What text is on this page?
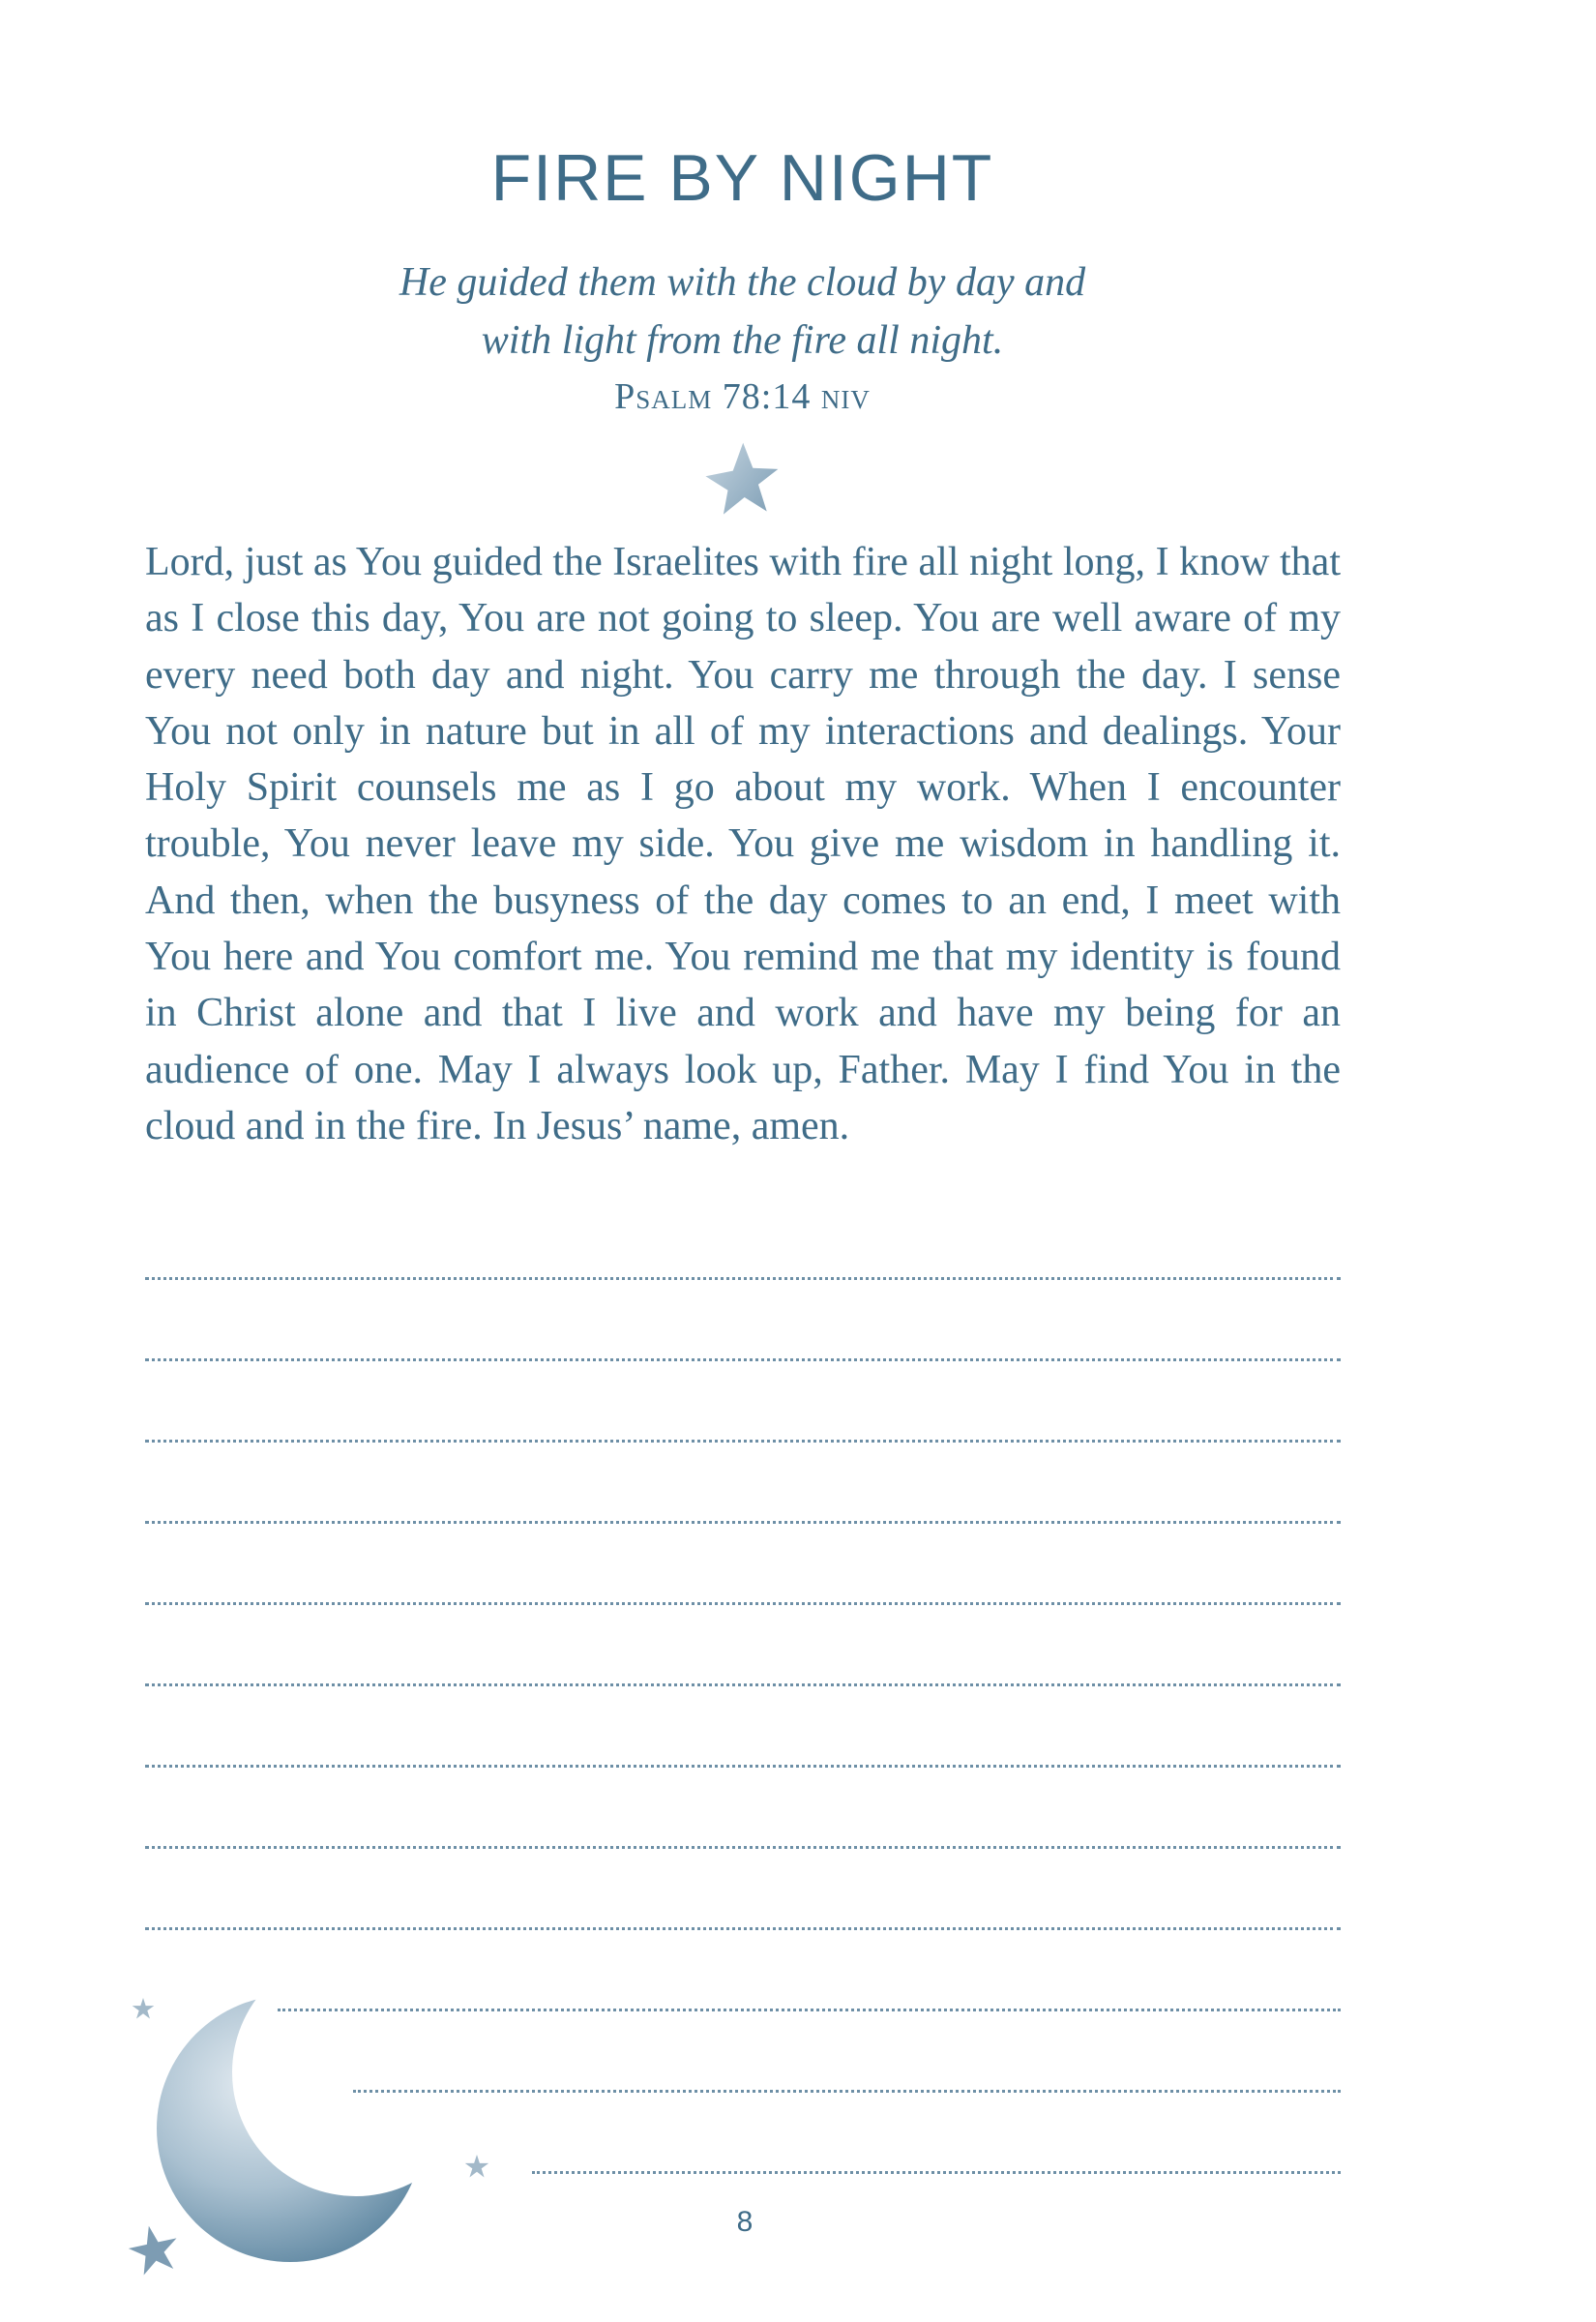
FIRE BY NIGHT
He guided them with the cloud by day and
with light from the fire all night.
Psalm 78:14 niv

Lord, just as You guided the Israelites with fire all night long, I know that as I close this day, You are not going to sleep. You are well aware of my every need both day and night. You carry me through the day. I sense You not only in nature but in all of my interactions and dealings. Your Holy Spirit counsels me as I go about my work. When I encounter trouble, You never leave my side. You give me wisdom in handling it. And then, when the busyness of the day comes to an end, I meet with You here and You comfort me. You remind me that my identity is found in Christ alone and that I live and work and have my being for an audience of one. May I always look up, Father. May I find You in the cloud and in the fire. In Jesus’ name, amen.

8
